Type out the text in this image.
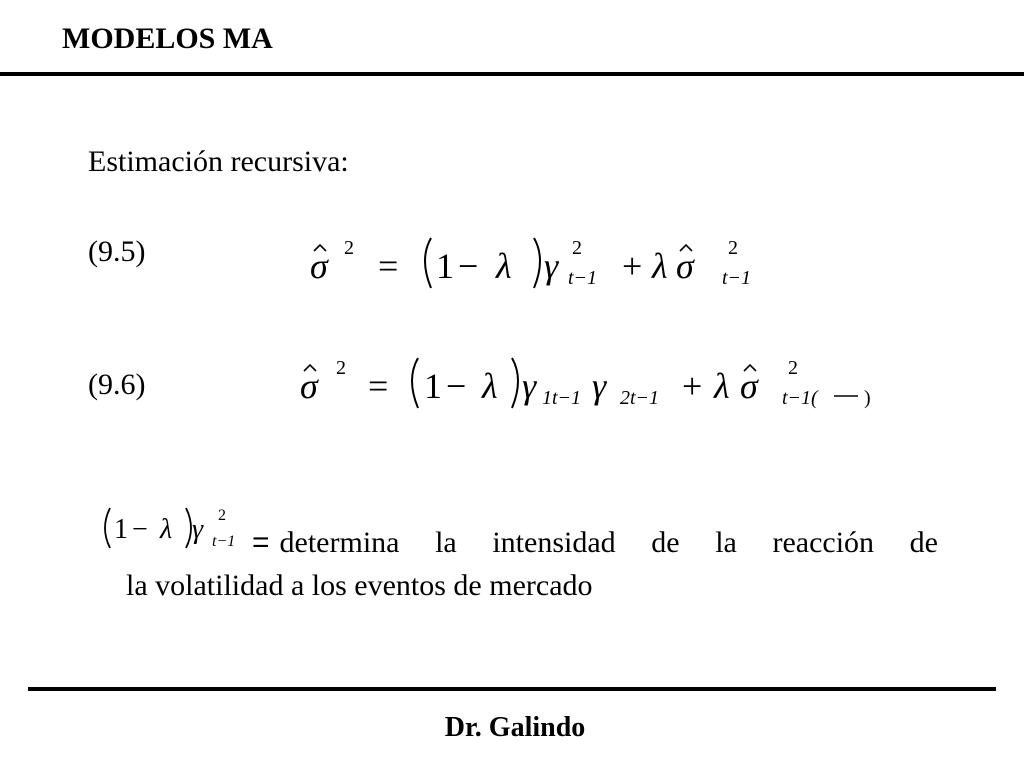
MODELOS MA
Estimación recursiva:
(9.5)	σ 2 = 1 − λ γ 2
t−1 + λ σ 2
t−1
(9.6)	σ 2 = 1 − λ γ 1t−1 γ 2t−1 + λ σ 2
t−1( )
1 − λ γ 2
t−1 = determina la intensidad de la reacción de
la volatilidad a los eventos de mercado
Dr. Galindo
